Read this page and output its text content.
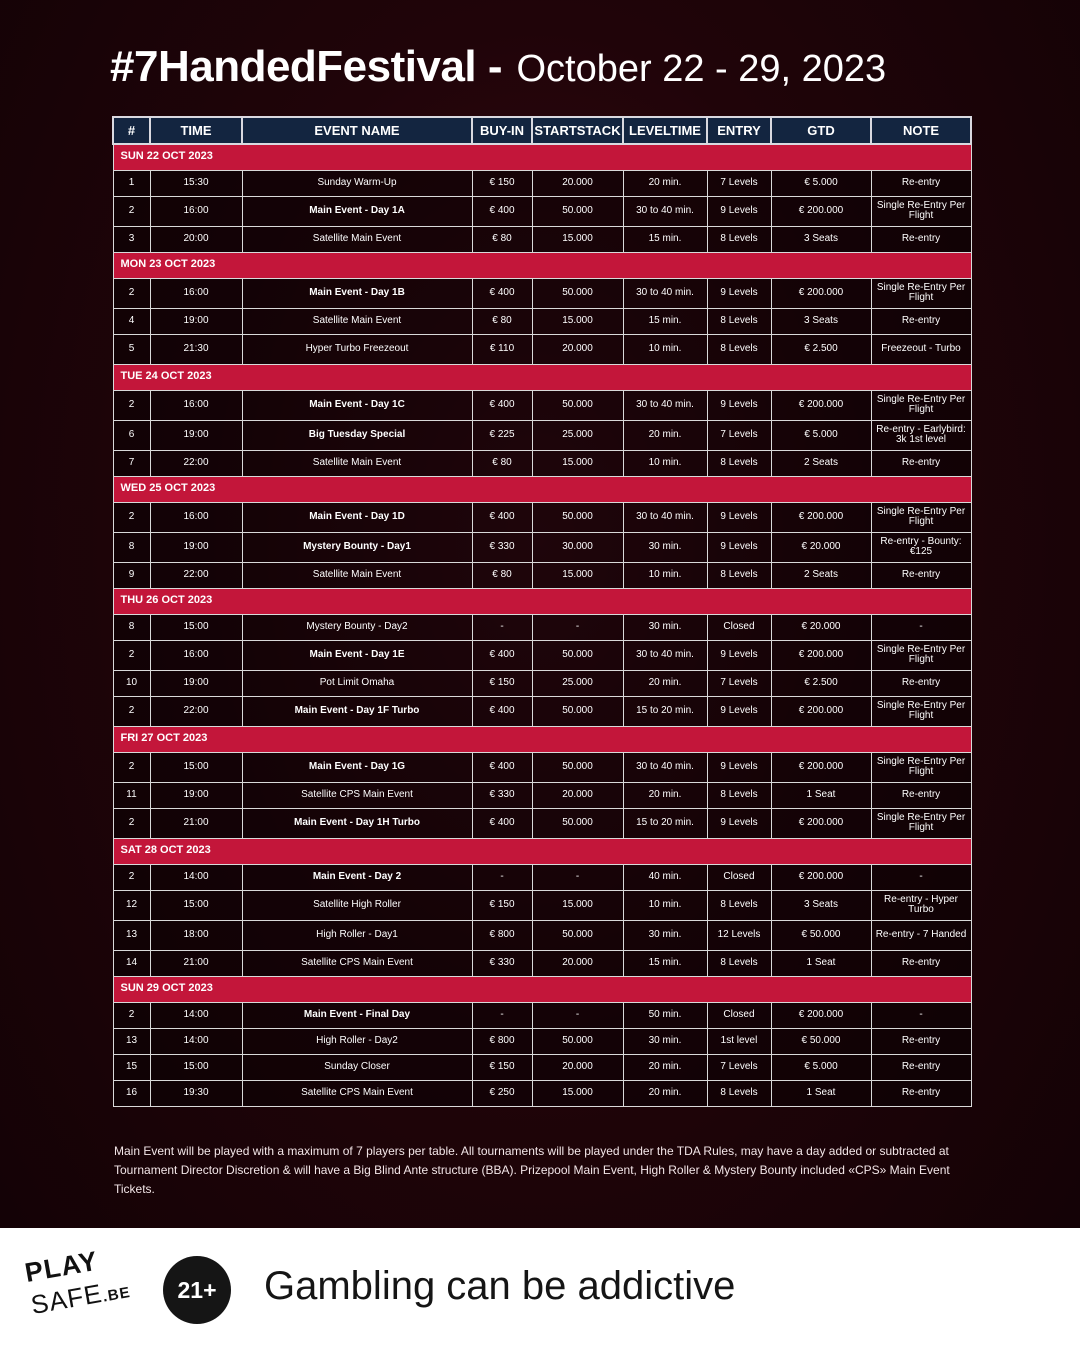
#7HandedFestival - October 22 - 29, 2023
#	TIME	EVENT NAME	BUY-IN	STARTSTACK	LEVELTIME	ENTRY	GTD	NOTE
SUN 22 OCT 2023								
1	15:30	Sunday Warm-Up	€ 150	20.000	20 min.	7 Levels	€ 5.000	Re-entry
2	16:00	Main Event - Day 1A	€ 400	50.000	30 to 40 min.	9 Levels	€ 200.000	Single Re-Entry Per Flight
3	20:00	Satellite Main Event	€ 80	15.000	15 min.	8 Levels	3 Seats	Re-entry
MON 23 OCT 2023								
2	16:00	Main Event - Day 1B	€ 400	50.000	30 to 40 min.	9 Levels	€ 200.000	Single Re-Entry Per Flight
4	19:00	Satellite Main Event	€ 80	15.000	15 min.	8 Levels	3 Seats	Re-entry
5	21:30	Hyper Turbo Freezeout	€ 110	20.000	10 min.	8 Levels	€ 2.500	Freezeout - Turbo
TUE 24 OCT 2023								
2	16:00	Main Event - Day 1C	€ 400	50.000	30 to 40 min.	9 Levels	€ 200.000	Single Re-Entry Per Flight
6	19:00	Big Tuesday Special	€ 225	25.000	20 min.	7 Levels	€ 5.000	Re-entry - Earlybird: 3k 1st level
7	22:00	Satellite Main Event	€ 80	15.000	10 min.	8 Levels	2 Seats	Re-entry
WED 25 OCT 2023								
2	16:00	Main Event - Day 1D	€ 400	50.000	30 to 40 min.	9 Levels	€ 200.000	Single Re-Entry Per Flight
8	19:00	Mystery Bounty - Day1	€ 330	30.000	30 min.	9 Levels	€ 20.000	Re-entry - Bounty: €125
9	22:00	Satellite Main Event	€ 80	15.000	10 min.	8 Levels	2 Seats	Re-entry
THU 26 OCT 2023								
8	15:00	Mystery Bounty - Day2	-	-	30 min.	Closed	€ 20.000	-
2	16:00	Main Event - Day 1E	€ 400	50.000	30 to 40 min.	9 Levels	€ 200.000	Single Re-Entry Per Flight
10	19:00	Pot Limit Omaha	€ 150	25.000	20 min.	7 Levels	€ 2.500	Re-entry
2	22:00	Main Event - Day 1F Turbo	€ 400	50.000	15 to 20 min.	9 Levels	€ 200.000	Single Re-Entry Per Flight
FRI 27 OCT 2023								
2	15:00	Main Event - Day 1G	€ 400	50.000	30 to 40 min.	9 Levels	€ 200.000	Single Re-Entry Per Flight
11	19:00	Satellite CPS Main Event	€ 330	20.000	20 min.	8 Levels	1 Seat	Re-entry
2	21:00	Main Event - Day 1H Turbo	€ 400	50.000	15 to 20 min.	9 Levels	€ 200.000	Single Re-Entry Per Flight
SAT 28 OCT 2023								
2	14:00	Main Event - Day 2	-	-	40 min.	Closed	€ 200.000	-
12	15:00	Satellite High Roller	€ 150	15.000	10 min.	8 Levels	3 Seats	Re-entry - Hyper Turbo
13	18:00	High Roller - Day1	€ 800	50.000	30 min.	12 Levels	€ 50.000	Re-entry - 7 Handed
14	21:00	Satellite CPS Main Event	€ 330	20.000	15 min.	8 Levels	1 Seat	Re-entry
SUN 29 OCT 2023								
2	14:00	Main Event - Final Day	-	-	50 min.	Closed	€ 200.000	-
13	14:00	High Roller - Day2	€ 800	50.000	30 min.	1st level	€ 50.000	Re-entry
15	15:00	Sunday Closer	€ 150	20.000	20 min.	7 Levels	€ 5.000	Re-entry
16	19:30	Satellite CPS Main Event	€ 250	15.000	20 min.	8 Levels	1 Seat	Re-entry
Main Event will be played with a maximum of 7 players per table. All tournaments will be played under the TDA Rules, may have a day added or subtracted at Tournament Director Discretion & will have a Big Blind Ante structure (BBA). Prizepool Main Event, High Roller & Mystery Bounty included «CPS» Main Event Tickets.
PLAY
SAFE.BE	21+	Gambling can be addictive
